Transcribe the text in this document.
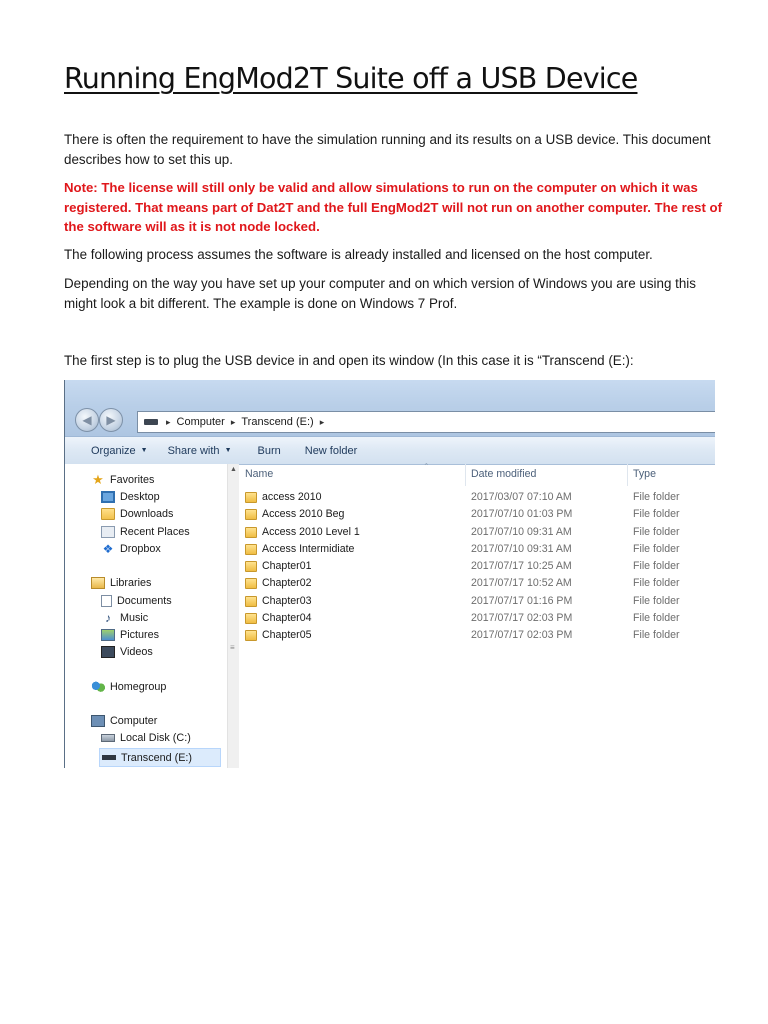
Running EngMod2T Suite off a USB Device

There is often the requirement to have the simulation running and its results on a USB device. This document describes how to set this up.

Note: The license will still only be valid and allow simulations to run on the computer on which it was registered. That means part of Dat2T and the full EngMod2T will not run on another computer. The rest of the software will as it is not node locked.

The following process assumes the software is already installed and licensed on the host computer.

Depending on the way you have set up your computer and on which version of Windows you are using this might look a bit different. The example is done on Windows 7 Prof.

The first step is to plug the USB device in and open its window (In this case it is “Transcend (E:):

◀	▶	▸ Computer ▸ Transcend (E:) ▸
Organize ▼ Share with ▼ Burn New folder
★ Favorites
Desktop
Downloads
Recent Places
❖ Dropbox
Libraries
Documents
♪ Music
Pictures
Videos
Homegroup
Computer
Local Disk (C:)
Transcend (E:)
▲
≡
⌃
Name	Date modified	Type
access 2010	2017/03/07 07:10 AM	File folder
Access 2010 Beg	2017/07/10 01:03 PM	File folder
Access 2010 Level 1	2017/07/10 09:31 AM	File folder
Access Intermidiate	2017/07/10 09:31 AM	File folder
Chapter01	2017/07/17 10:25 AM	File folder
Chapter02	2017/07/17 10:52 AM	File folder
Chapter03	2017/07/17 01:16 PM	File folder
Chapter04	2017/07/17 02:03 PM	File folder
Chapter05	2017/07/17 02:03 PM	File folder
